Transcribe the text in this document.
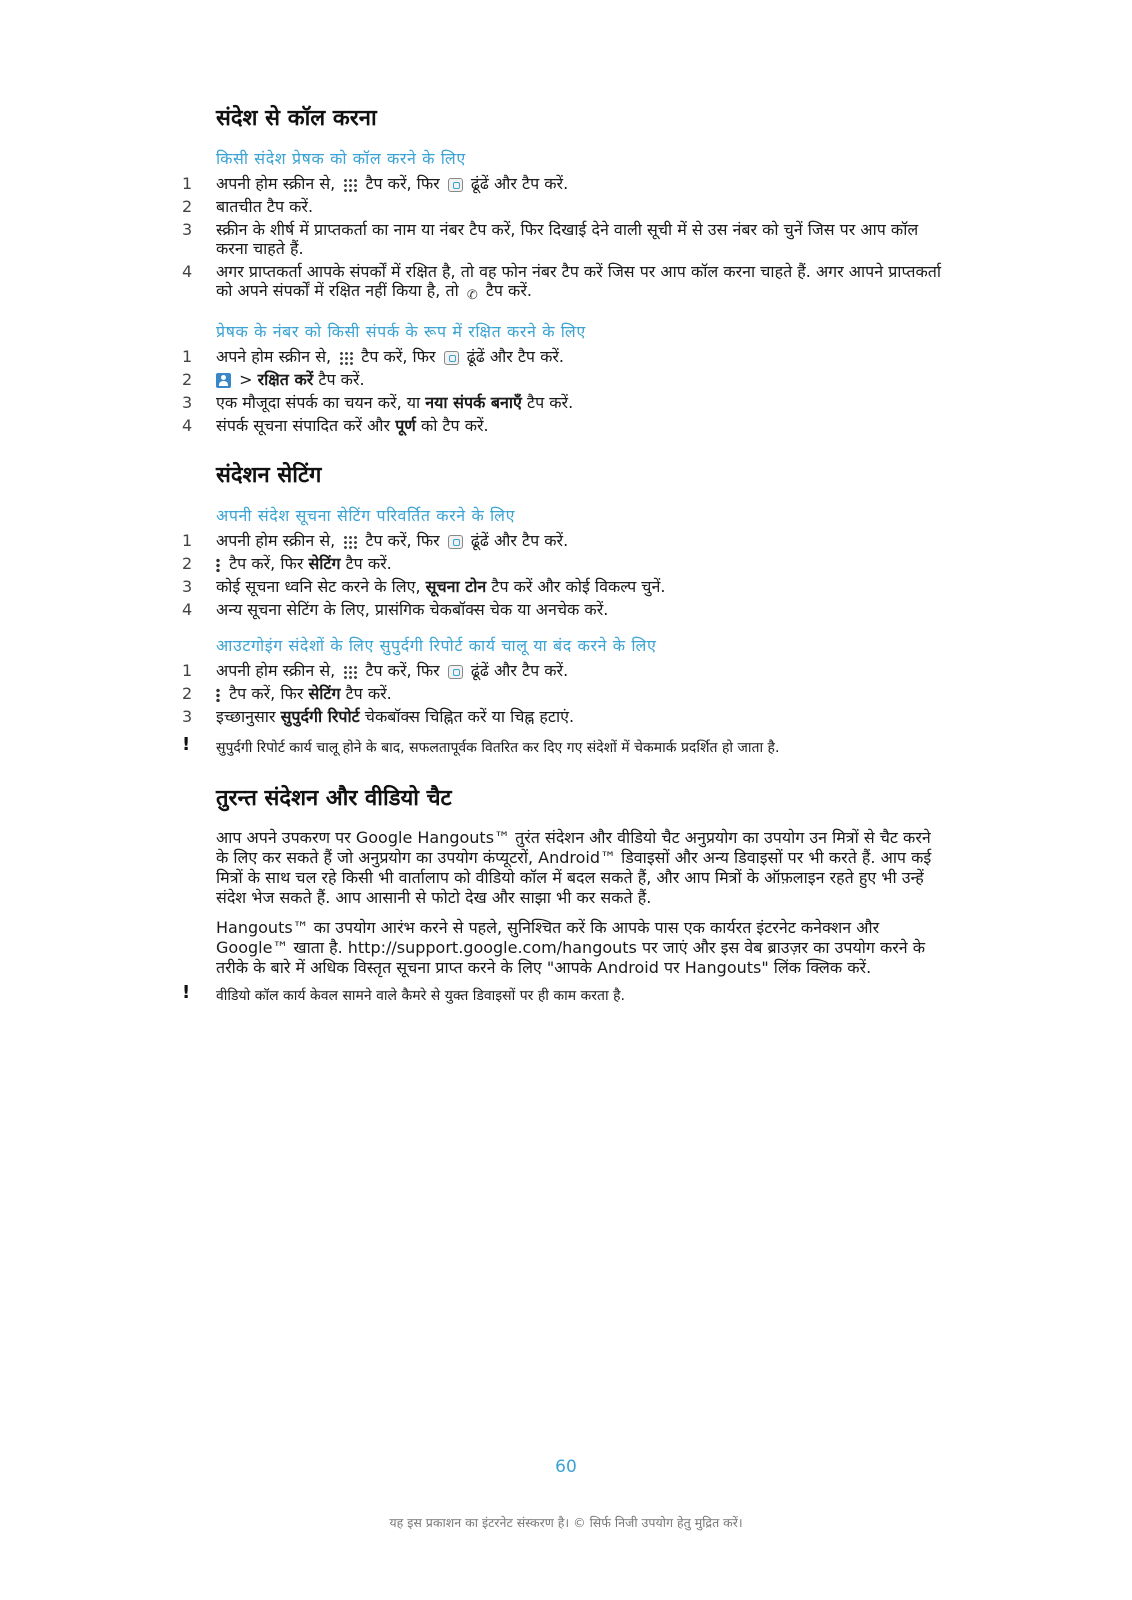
संदेश से कॉल करना
किसी संदेश प्रेषक को कॉल करने के लिए
1 अपनी होम स्क्रीन से, टैप करें, फिर ढूंढें और टैप करें.
2 बातचीत टैप करें.
3 स्क्रीन के शीर्ष में प्राप्तकर्ता का नाम या नंबर टैप करें, फिर दिखाई देने वाली सूची में से उस नंबर को चुनें जिस पर आप कॉल करना चाहते हैं.
4 अगर प्राप्तकर्ता आपके संपर्कों में रक्षित है, तो वह फोन नंबर टैप करें जिस पर आप कॉल करना चाहते हैं. अगर आपने प्राप्तकर्ता को अपने संपर्कों में रक्षित नहीं किया है, तो ✆ टैप करें.
प्रेषक के नंबर को किसी संपर्क के रूप में रक्षित करने के लिए
1 अपने होम स्क्रीन से, टैप करें, फिर ढूंढें और टैप करें.
2	> रक्षित करें टैप करें.
3 एक मौजूदा संपर्क का चयन करें, या नया संपर्क बनाएँ टैप करें.
4 संपर्क सूचना संपादित करें और पूर्ण को टैप करें.
संदेशन सेटिंग
अपनी संदेश सूचना सेटिंग परिवर्तित करने के लिए
1 अपनी होम स्क्रीन से, टैप करें, फिर ढूंढें और टैप करें.
2 टैप करें, फिर सेटिंग टैप करें.
3 कोई सूचना ध्वनि सेट करने के लिए, सूचना टोन टैप करें और कोई विकल्प चुनें.
4 अन्य सूचना सेटिंग के लिए, प्रासंगिक चेकबॉक्स चेक या अनचेक करें.
आउटगोइंग संदेशों के लिए सुपुर्दगी रिपोर्ट कार्य चालू या बंद करने के लिए
1 अपनी होम स्क्रीन से, टैप करें, फिर ढूंढें और टैप करें.
2 टैप करें, फिर सेटिंग टैप करें.
3 इच्छानुसार सुपुर्दगी रिपोर्ट चेकबॉक्स चिह्नित करें या चिह्न हटाएं.
! सुपुर्दगी रिपोर्ट कार्य चालू होने के बाद, सफलतापूर्वक वितरित कर दिए गए संदेशों में चेकमार्क प्रदर्शित हो जाता है.
तुरन्त संदेशन और वीडियो चैट

आप अपने उपकरण पर Google Hangouts™ तुरंत संदेशन और वीडियो चैट अनुप्रयोग का उपयोग उन मित्रों से चैट करने के लिए कर सकते हैं जो अनुप्रयोग का उपयोग कंप्यूटरों, Android™ डिवाइसों और अन्य डिवाइसों पर भी करते हैं. आप कई मित्रों के साथ चल रहे किसी भी वार्तालाप को वीडियो कॉल में बदल सकते हैं, और आप मित्रों के ऑफ़लाइन रहते हुए भी उन्हें संदेश भेज सकते हैं. आप आसानी से फोटो देख और साझा भी कर सकते हैं.

Hangouts™ का उपयोग आरंभ करने से पहले, सुनिश्चित करें कि आपके पास एक कार्यरत इंटरनेट कनेक्शन और Google™ खाता है. http://support.google.com/hangouts पर जाएं और इस वेब ब्राउज़र का उपयोग करने के तरीके के बारे में अधिक विस्तृत सूचना प्राप्त करने के लिए "आपके Android पर Hangouts" लिंक क्लिक करें.

! वीडियो कॉल कार्य केवल सामने वाले कैमरे से युक्त डिवाइसों पर ही काम करता है.
60
यह इस प्रकाशन का इंटरनेट संस्करण है। © सिर्फ निजी उपयोग हेतु मुद्रित करें।
